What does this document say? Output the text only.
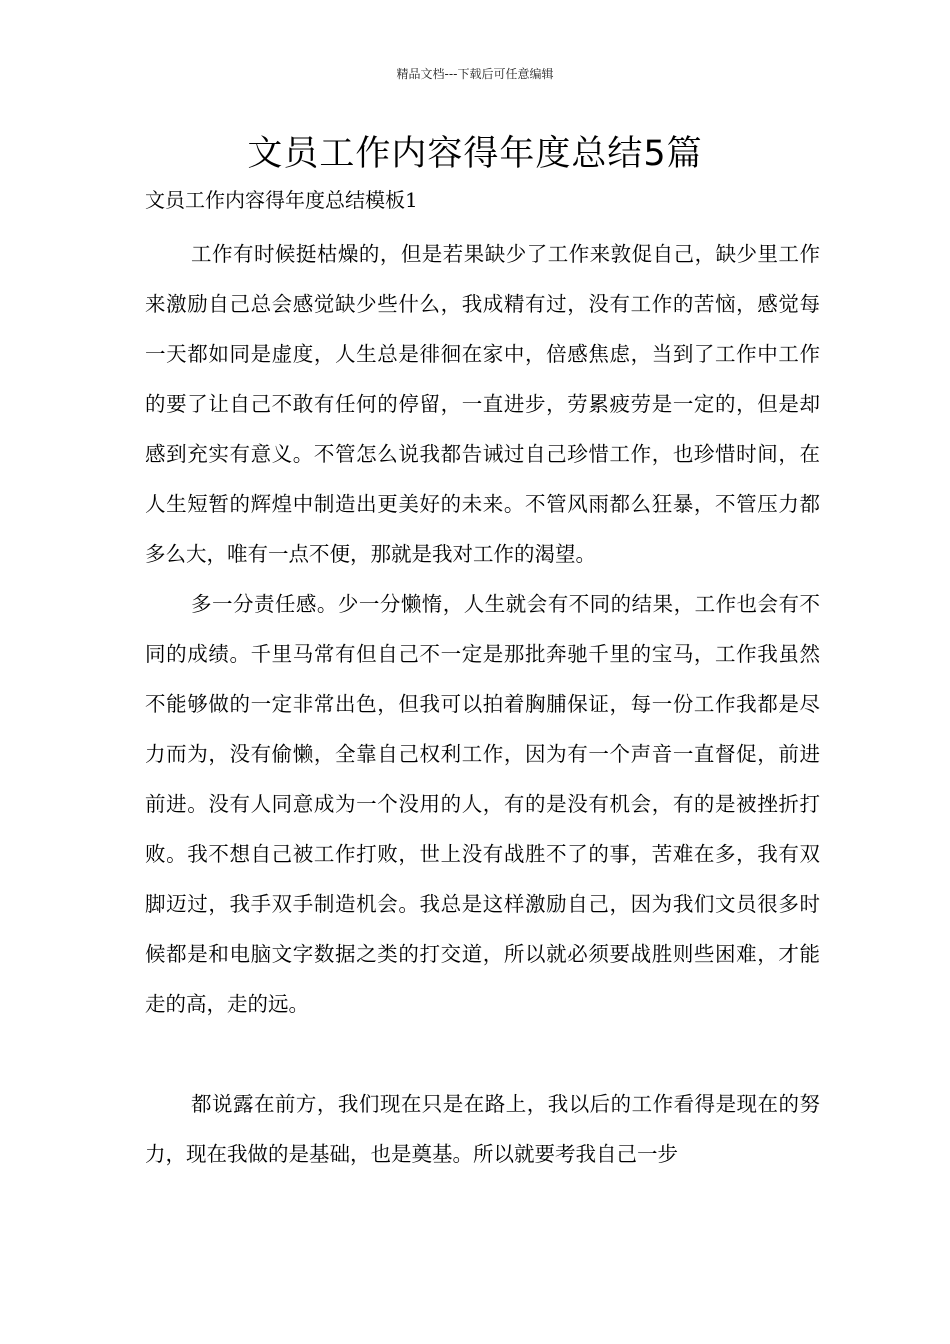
精品文档---下载后可任意编辑
文员工作内容得年度总结5篇
文员工作内容得年度总结模板1

工作有时候挺枯燥的，但是若果缺少了工作来敦促自己，缺少里工作来激励自己总会感觉缺少些什么，我成精有过，没有工作的苦恼，感觉每一天都如同是虚度，人生总是徘徊在家中，倍感焦虑，当到了工作中工作的要了让自己不敢有任何的停留，一直进步，劳累疲劳是一定的，但是却感到充实有意义。不管怎么说我都告诫过自己珍惜工作，也珍惜时间，在人生短暂的辉煌中制造出更美好的未来。不管风雨都么狂暴，不管压力都多么大，唯有一点不便，那就是我对工作的渴望。

多一分责任感。少一分懒惰，人生就会有不同的结果，工作也会有不同的成绩。千里马常有但自己不一定是那批奔驰千里的宝马，工作我虽然不能够做的一定非常出色，但我可以拍着胸脯保证，每一份工作我都是尽力而为，没有偷懒，全靠自己权利工作，因为有一个声音一直督促，前进前进。没有人同意成为一个没用的人，有的是没有机会，有的是被挫折打败。我不想自己被工作打败，世上没有战胜不了的事，苦难在多，我有双脚迈过，我手双手制造机会。我总是这样激励自己，因为我们文员很多时候都是和电脑文字数据之类的打交道，所以就必须要战胜则些困难，才能走的高，走的远。

都说露在前方，我们现在只是在路上，我以后的工作看得是现在的努力，现在我做的是基础，也是奠基。所以就要考我自己一步
